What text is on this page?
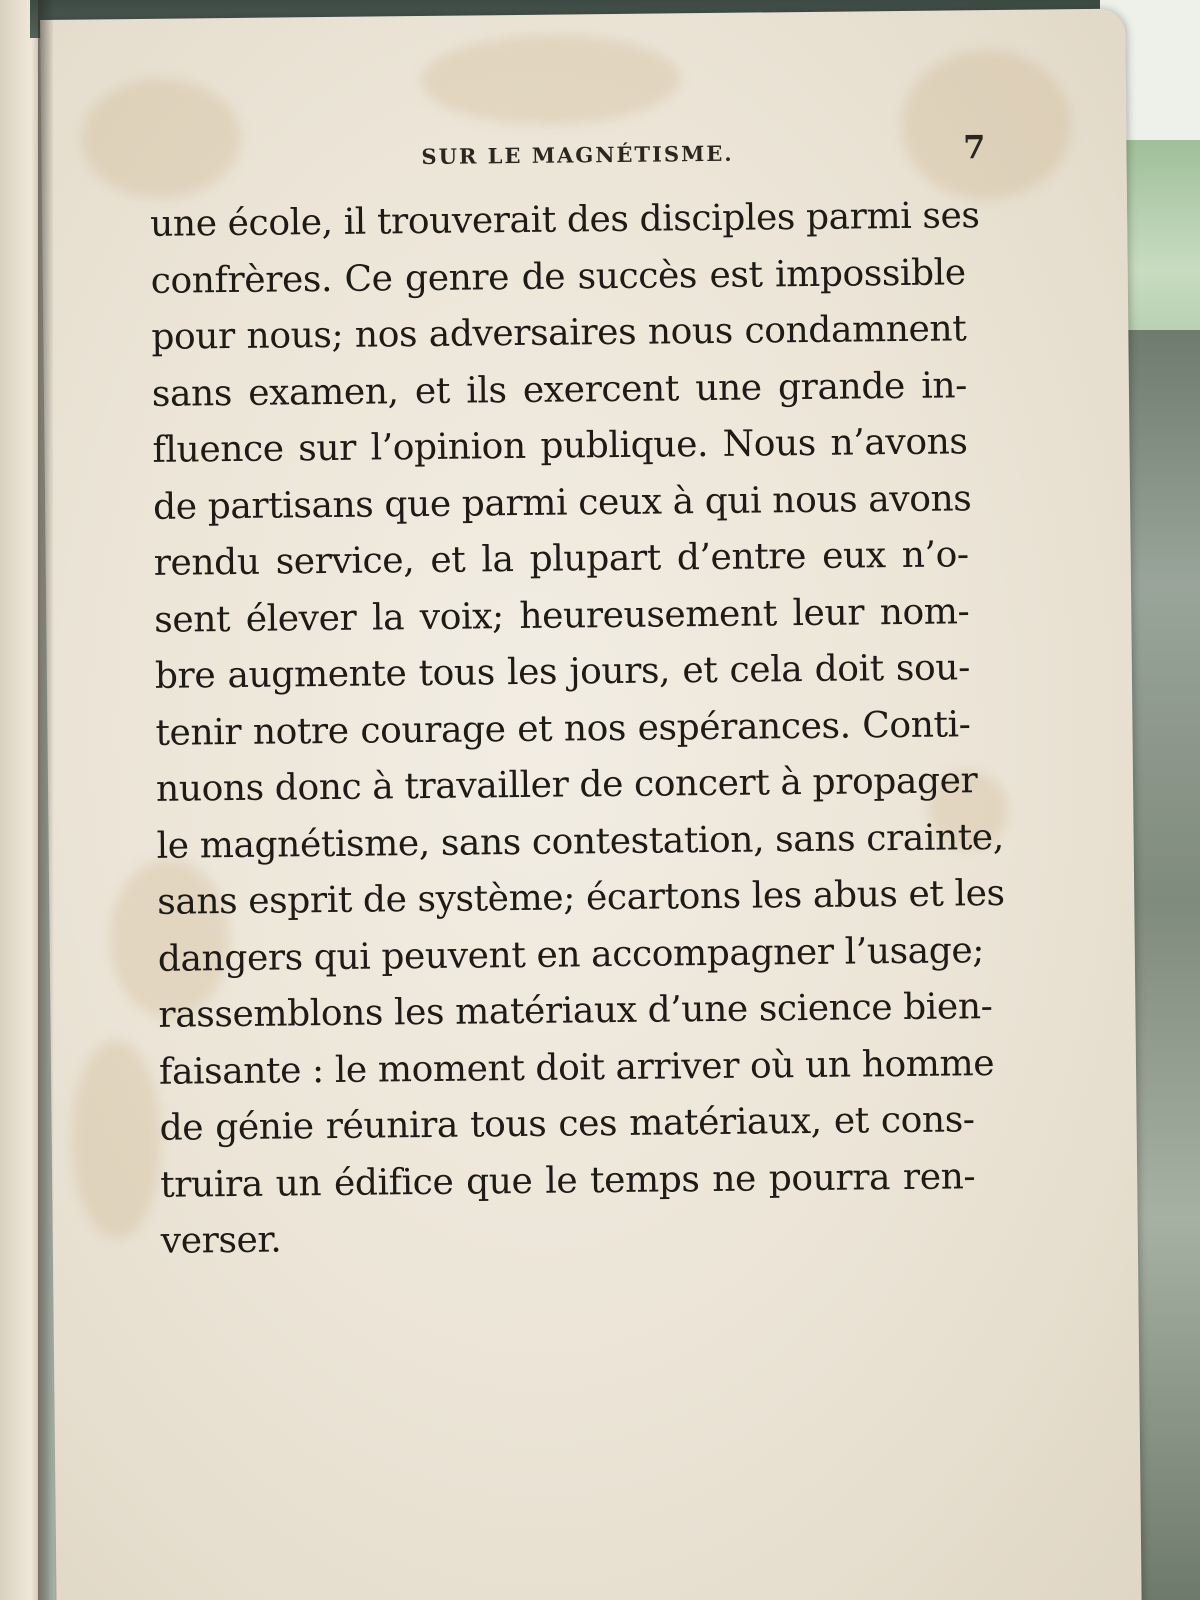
SUR LE MAGNÉTISME.	7
une école, il trouverait des disciples parmi ses
confrères. Ce genre de succès est impossible
pour nous; nos adversaires nous condamnent
sans examen, et ils exercent une grande in-
fluence sur l’opinion publique. Nous n’avons
de partisans que parmi ceux à qui nous avons
rendu service, et la plupart d’entre eux n’o-
sent élever la voix; heureusement leur nom-
bre augmente tous les jours, et cela doit sou-
tenir notre courage et nos espérances. Conti-
nuons donc à travailler de concert à propager
le magnétisme, sans contestation, sans crainte,
sans esprit de système; écartons les abus et les
dangers qui peuvent en accompagner l’usage;
rassemblons les matériaux d’une science bien-
faisante : le moment doit arriver où un homme
de génie réunira tous ces matériaux, et cons-
truira un édifice que le temps ne pourra ren-
verser.
